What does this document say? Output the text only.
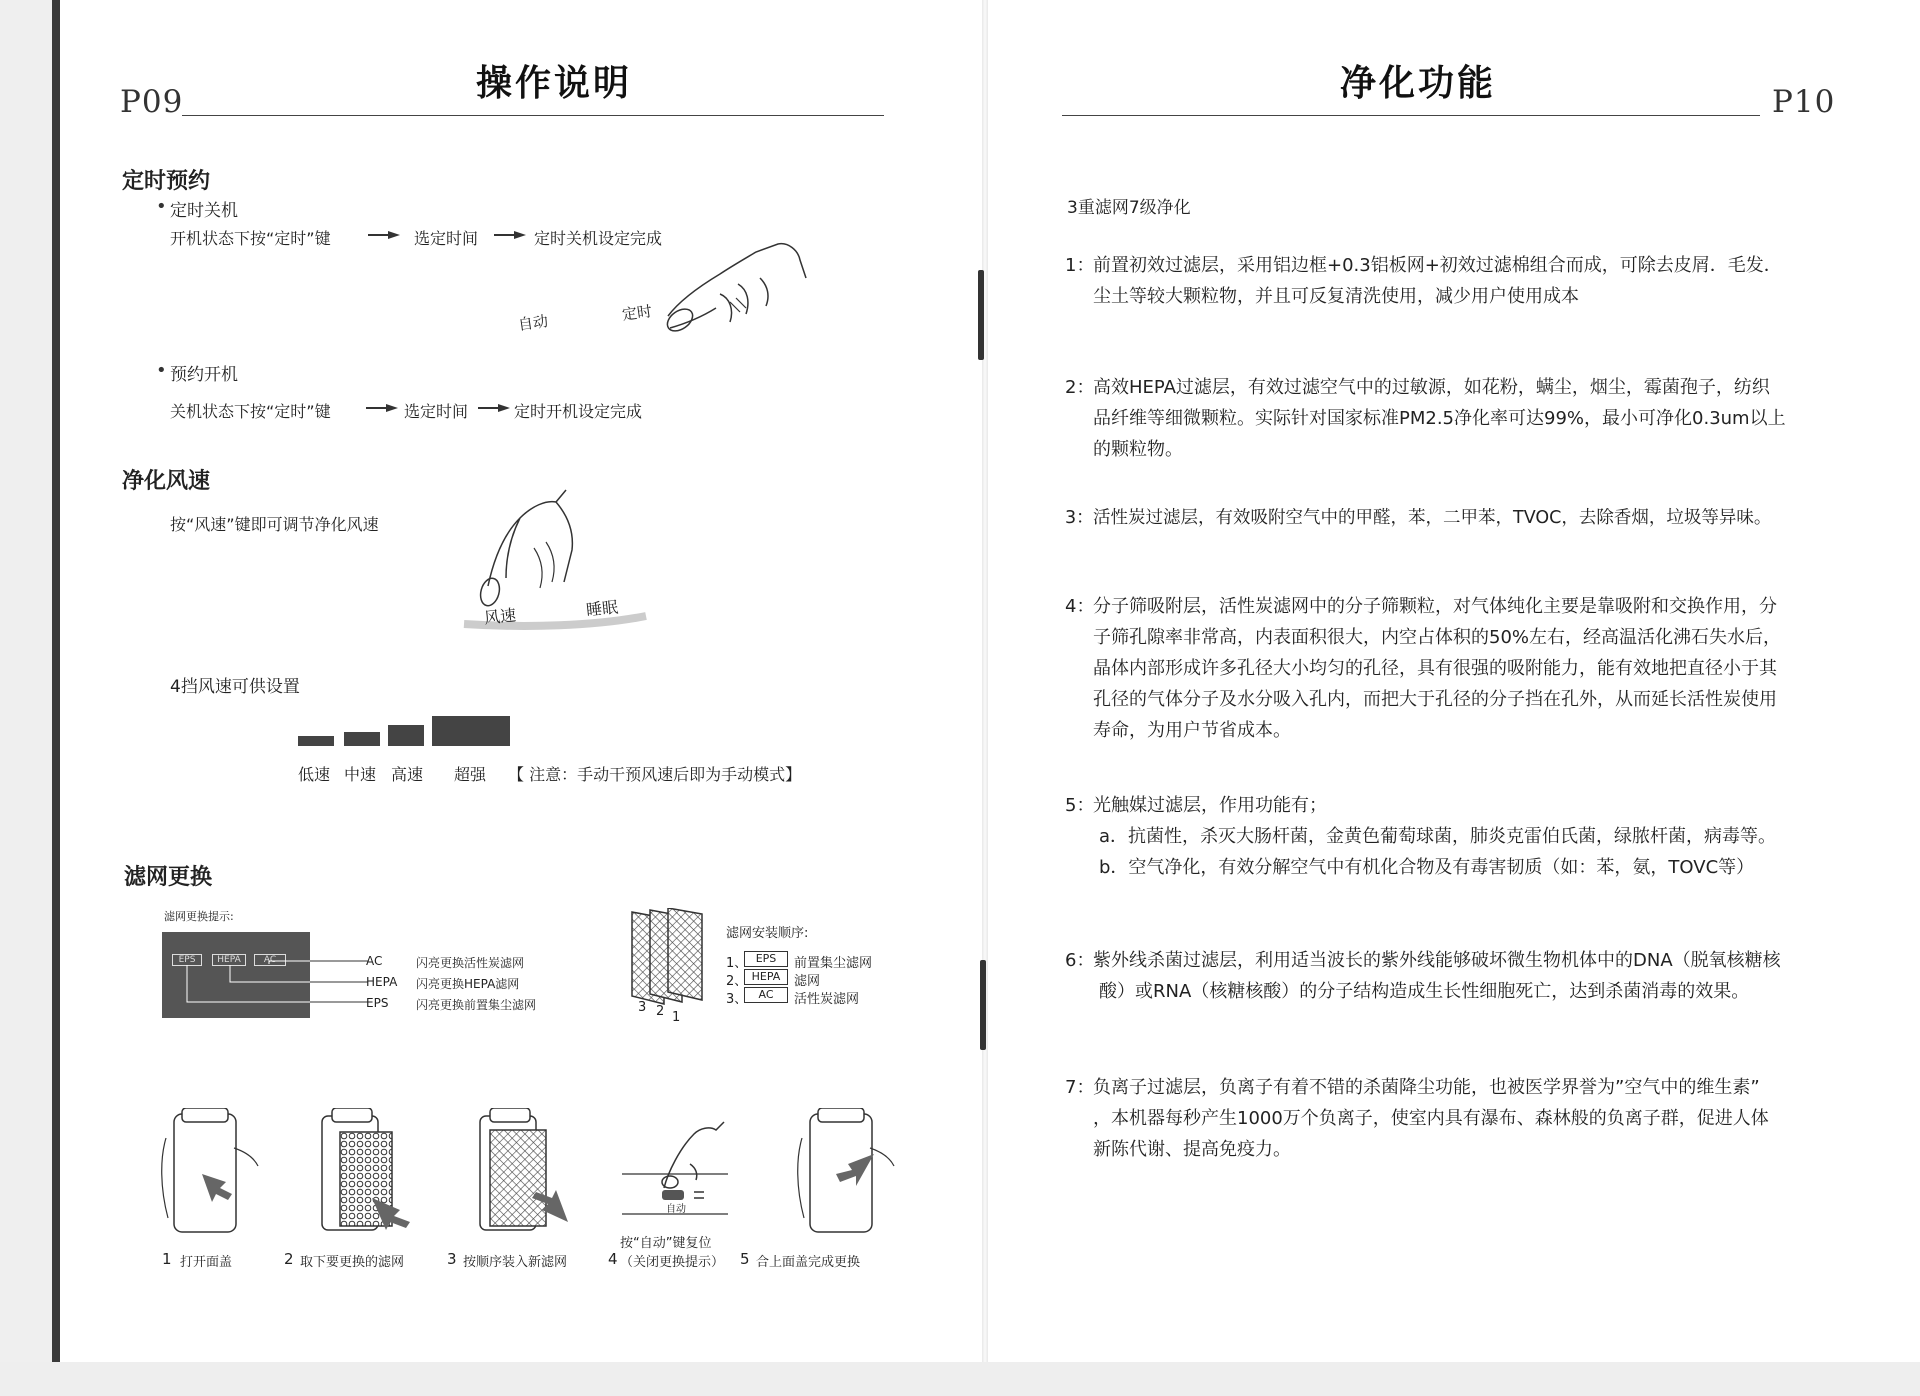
P09	操作说明
定时预约
• 定时关机
开机状态下按“定时”键	选定时间	定时关机设定完成
自动	定时
• 预约开机
关机状态下按“定时”键	选定时间	定时开机设定完成
净化风速
按“风速”键即可调节净化风速
风速	睡眠
4挡风速可供设置
低速 中速 高速 超强 【 注意：手动干预风速后即为手动模式】
滤网更换
滤网更换提示:
EPS	HEPA	AC	AC	闪亮更换活性炭滤网
HEPA 闪亮更换HEPA滤网
EPS 闪亮更换前置集尘滤网	3 2 1
滤网安装顺序:
1、 EPS	前置集尘滤网
2、 HEPA	滤网
3、	AC	活性炭滤网
自动
1 打开面盖	2 取下要更换的滤网	3 按顺序装入新滤网
按“自动”键复位
4 （关闭更换提示） 5 合上面盖完成更换
净化功能	P10
3重滤网7级净化
1：
前置初效过滤层，采用铝边框+0.3铝板网+初效过滤棉组合而成，可除去皮屑．毛发．
尘土等较大颗粒物，并且可反复清洗使用，减少用户使用成本
2：
高效HEPA过滤层，有效过滤空气中的过敏源，如花粉，螨尘，烟尘，霉菌孢子，纺织
品纤维等细微颗粒。实际针对国家标准PM2.5净化率可达99%，最小可净化0.3um以上
的颗粒物。
3： 活性炭过滤层，有效吸附空气中的甲醛，苯，二甲苯，TVOC，去除香烟，垃圾等异味。
4：
分子筛吸附层，活性炭滤网中的分子筛颗粒，对气体纯化主要是靠吸附和交换作用，分
子筛孔隙率非常高，内表面积很大，内空占体积的50%左右，经高温活化沸石失水后，
晶体内部形成许多孔径大小均匀的孔径，具有很强的吸附能力，能有效地把直径小于其
孔径的气体分子及水分吸入孔内，而把大于孔径的分子挡在孔外，从而延长活性炭使用
寿命，为用户节省成本。
5：
光触媒过滤层，作用功能有；
a．抗菌性，杀灭大肠杆菌，金黄色葡萄球菌，肺炎克雷伯氏菌，绿脓杆菌，病毒等。
b．空气净化，有效分解空气中有机化合物及有毒害韧质（如：苯，氨，TOVC等）
6：
紫外线杀菌过滤层，利用适当波长的紫外线能够破坏微生物机体中的DNA（脱氧核糖核
酸）或RNA（核糖核酸）的分子结构造成生长性细胞死亡，达到杀菌消毒的效果。
7：
负离子过滤层，负离子有着不错的杀菌降尘功能，也被医学界誉为”空气中的维生素”
，本机器每秒产生1000万个负离子，使室内具有瀑布、森林般的负离子群，促进人体
新陈代谢、提高免疫力。
